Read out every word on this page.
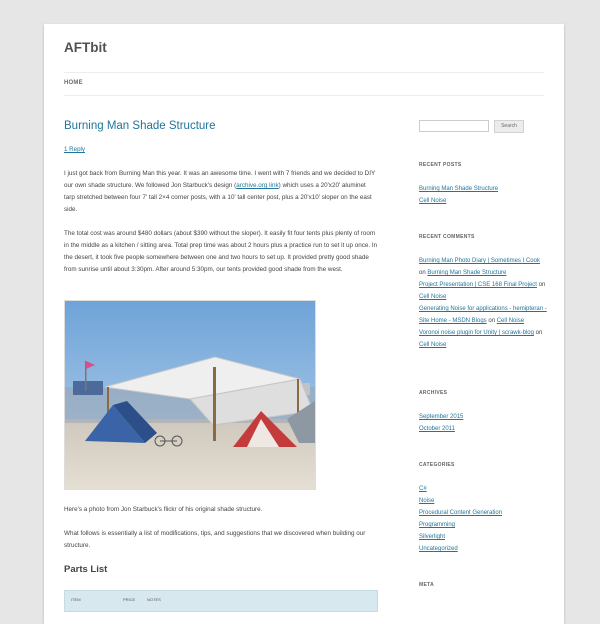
AFTbit
HOME
Burning Man Shade Structure
1 Reply

I just got back from Burning Man this year. It was an awesome time. I went with 7 friends and we decided to DIY our own shade structure. We followed Jon Starbuck's design (archive.org link) which uses a 20'x20' aluminet tarp stretched between four 7' tall 2×4 corner posts, with a 10' tall center post, plus a 20'x10' sloper on the east side.

The total cost was around $480 dollars (about $390 without the sloper). It easily fit four tents plus plenty of room in the middle as a kitchen / sitting area. Total prep time was about 2 hours plus a practice run to set it up once. In the desert, it took five people somewhere between one and two hours to set up. It provided pretty good shade from sunrise until about 3:30pm. After around 5:30pm, our tents provided good shade from the west.

Here's a photo from Jon Starbuck's flickr of his original shade structure.

What follows is essentially a list of modifications, tips, and suggestions that we discovered when building our structure.

Parts List
ITEM	PRICE	NOTES
Search
RECENT POSTS
Burning Man Shade Structure
Cell Noise
RECENT COMMENTS
Burning Man Photo Diary | Sometimes I Cook on Burning Man Shade Structure
Project Presentation | CSE 168 Final Project on Cell Noise
Generating Noise for applications - hemipteran - Site Home - MSDN Blogs on Cell Noise
Voronoi noise plugin for Unity | scrawk-blog on Cell Noise
ARCHIVES
September 2015
October 2011
CATEGORIES
C#
Noise
Procedural Content Generation
Programming
Silverlight
Uncategorized
META
